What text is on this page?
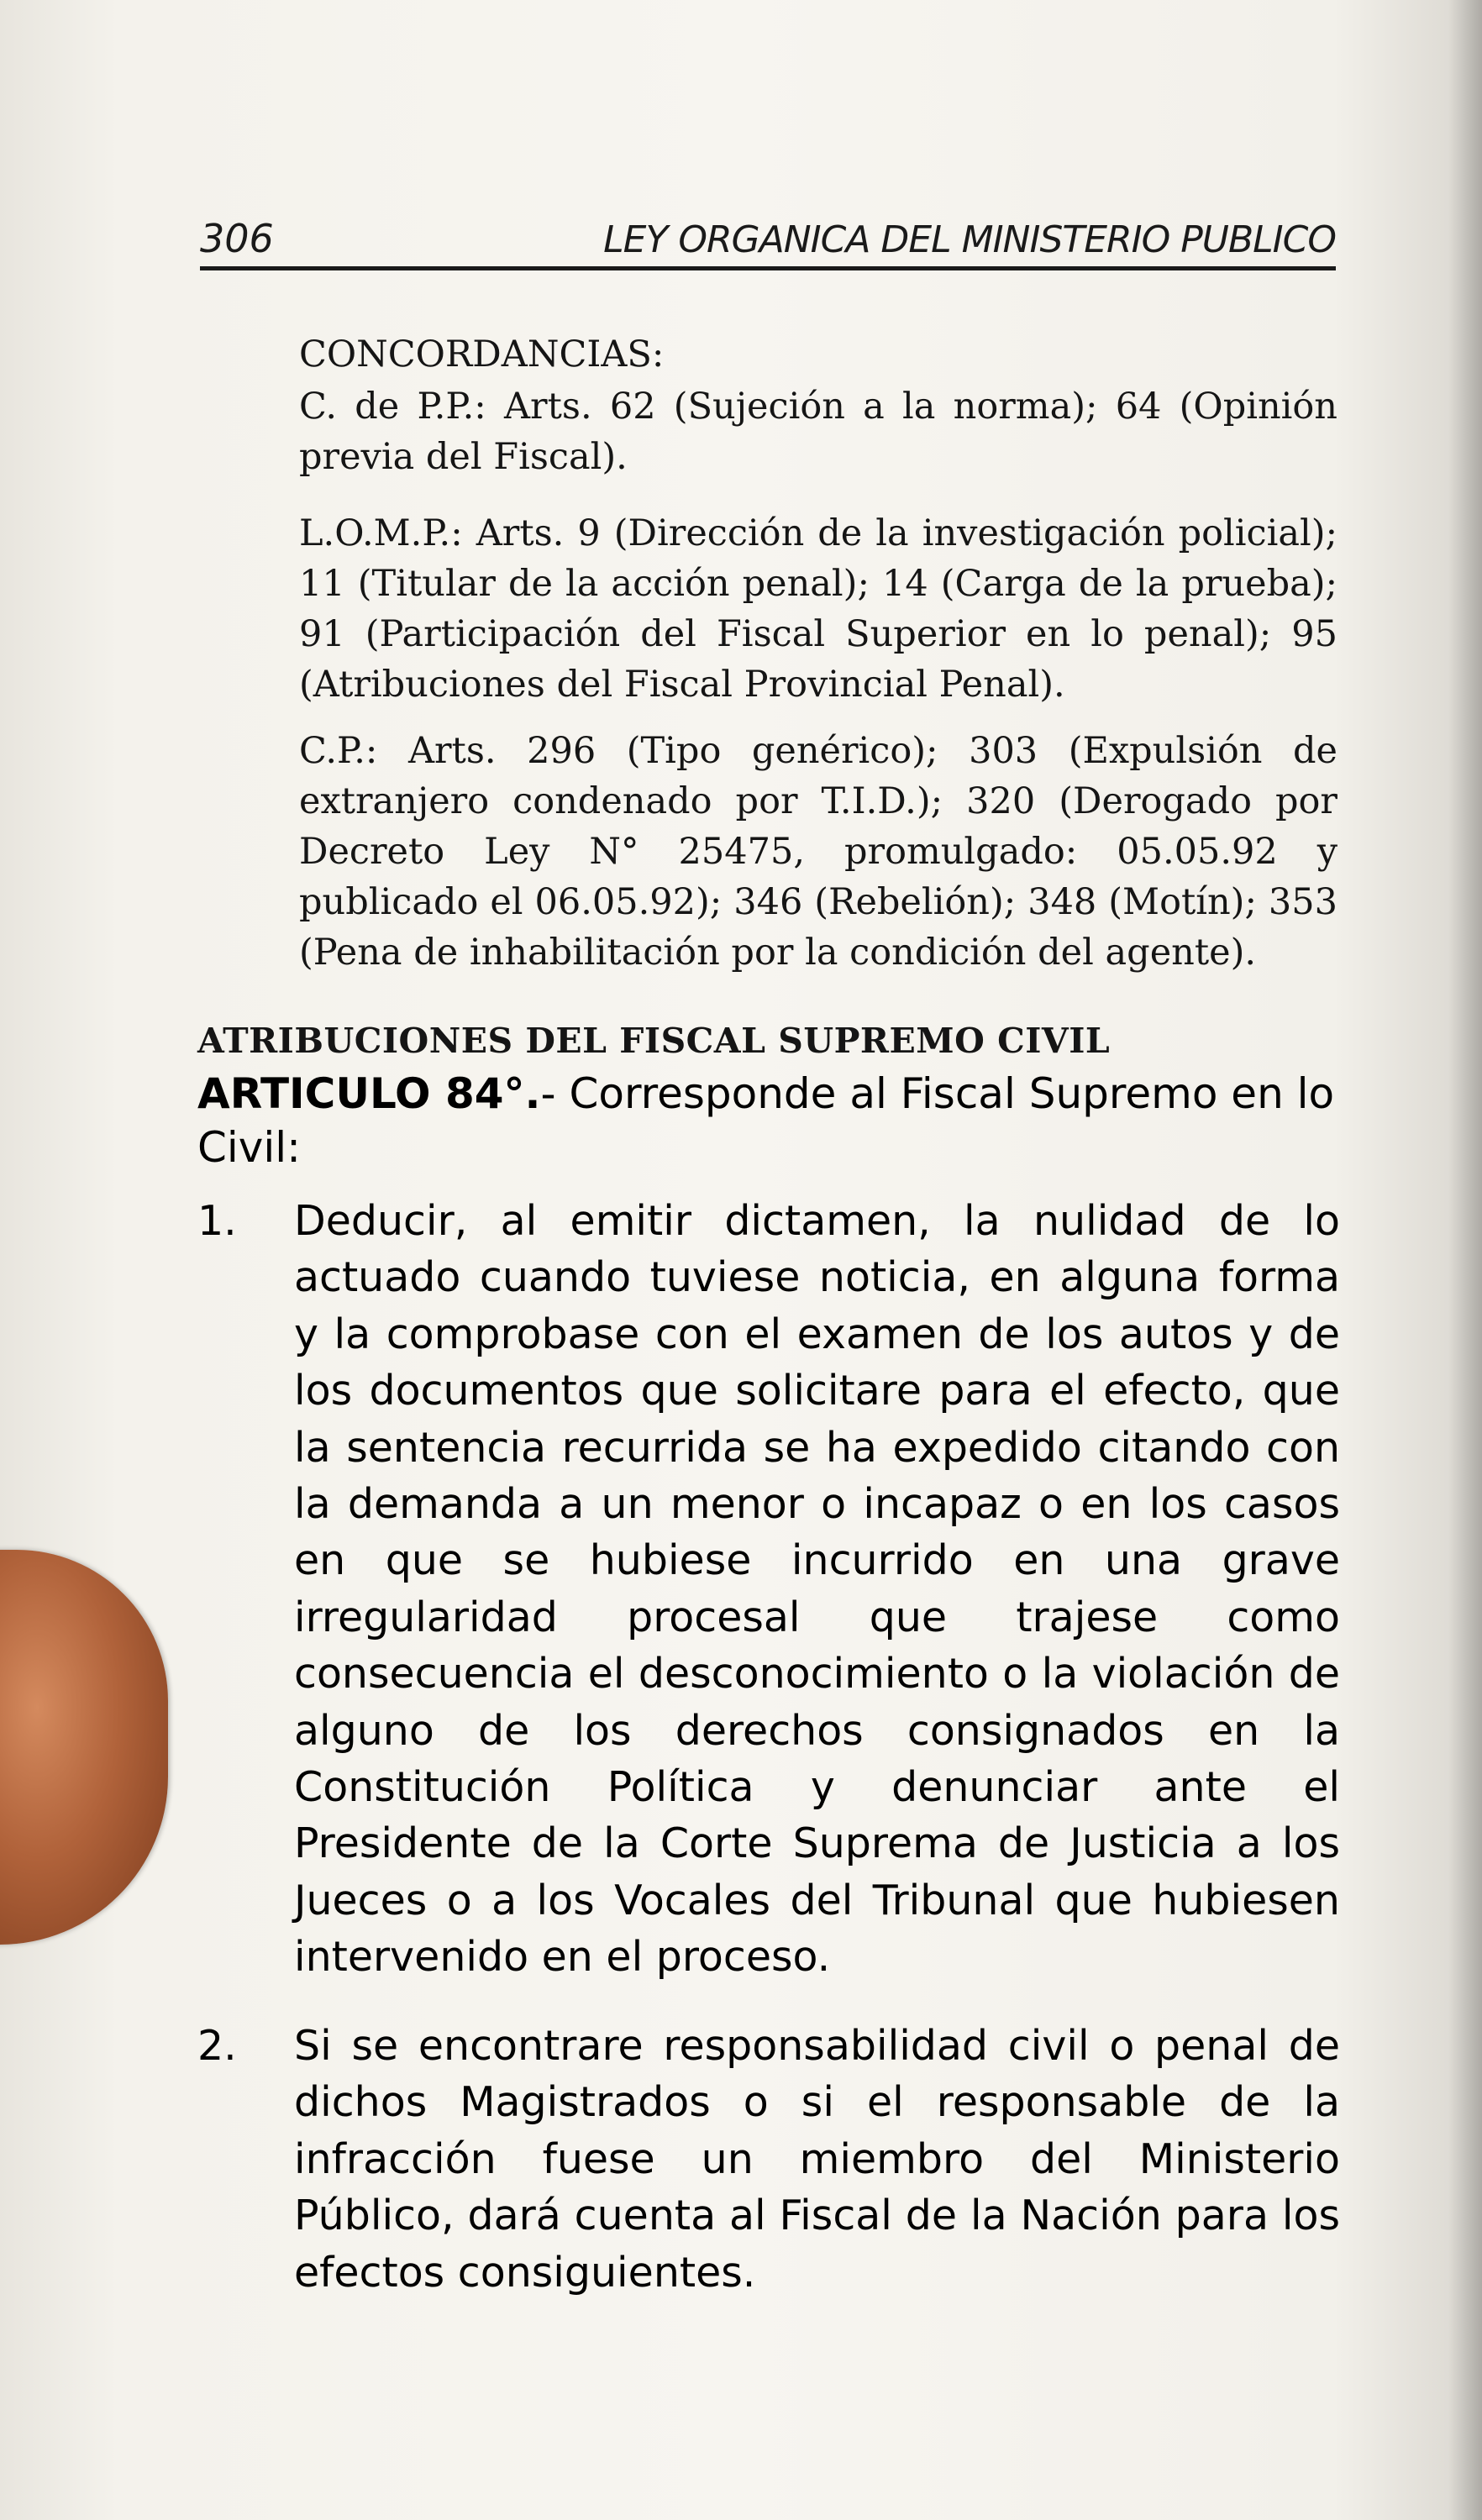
306	LEY ORGANICA DEL MINISTERIO PUBLICO

CONCORDANCIAS:

C. de P.P.: Arts. 62 (Sujeción a la norma); 64 (Opinión previa del Fiscal).

L.O.M.P.: Arts. 9 (Dirección de la investigación policial); 11 (Titular de la acción penal); 14 (Carga de la prueba); 91 (Participación del Fiscal Superior en lo penal); 95 (Atribuciones del Fiscal Provincial Penal).

C.P.: Arts. 296 (Tipo genérico); 303 (Expulsión de extranjero condenado por T.I.D.); 320 (Derogado por Decreto Ley N° 25475, promulgado: 05.05.92 y publicado el 06.05.92); 346 (Rebelión); 348 (Motín); 353 (Pena de inhabilitación por la condición del agente).

ATRIBUCIONES DEL FISCAL SUPREMO CIVIL

ARTICULO 84°.- Corresponde al Fiscal Supremo en lo Civil:

1.	Deducir, al emitir dictamen, la nulidad de lo actuado cuando tuviese noticia, en alguna forma y la comprobase con el examen de los autos y de los documentos que solicitare para el efecto, que la sentencia recurrida se ha expedido citando con la demanda a un menor o incapaz o en los casos en que se hubiese incurrido en una grave irregularidad procesal que trajese como consecuencia el desconocimiento o la violación de alguno de los derechos consignados en la Constitución Política y denunciar ante el Presidente de la Corte Suprema de Justicia a los Jueces o a los Vocales del Tribunal que hubiesen intervenido en el proceso.
2.	Si se encontrare responsabilidad civil o penal de dichos Magistrados o si el responsable de la infracción fuese un miembro del Ministerio Público, dará cuenta al Fiscal de la Nación para los efectos consiguientes.
